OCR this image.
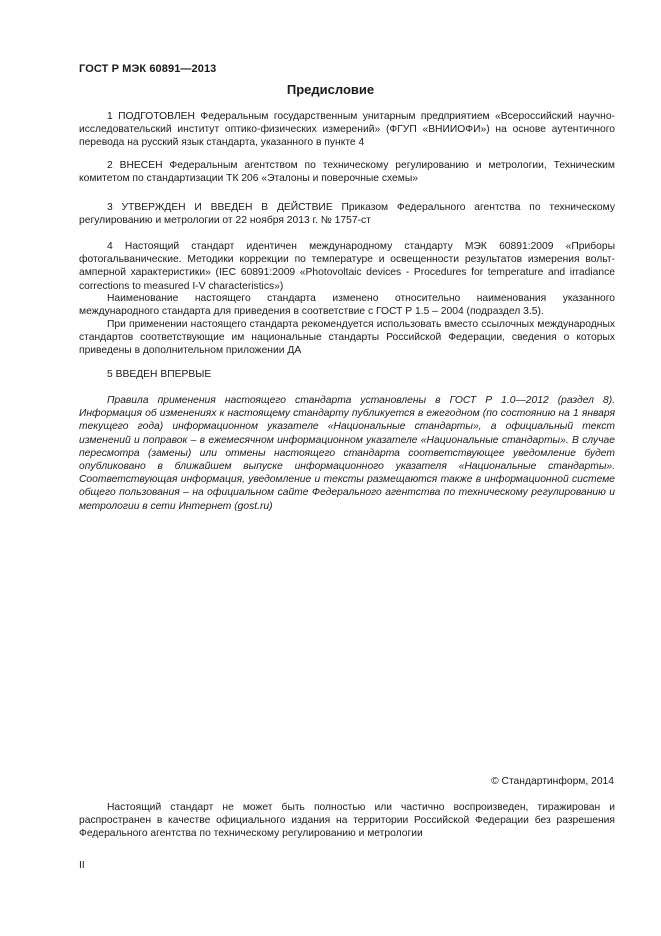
ГОСТ Р МЭК 60891—2013
Предисловие

1 ПОДГОТОВЛЕН Федеральным государственным унитарным предприятием «Всероссийский научно-исследовательский институт оптико-физических измерений» (ФГУП «ВНИИОФИ») на основе аутентичного перевода на русский язык стандарта, указанного в пункте 4

2 ВНЕСЕН Федеральным агентством по техническому регулированию и метрологии, Техническим комитетом по стандартизации ТК 206 «Эталоны и поверочные схемы»

3 УТВЕРЖДЕН И ВВЕДЕН В ДЕЙСТВИЕ Приказом Федерального агентства по техническому регулированию и метрологии от 22 ноября 2013 г. № 1757-ст

4 Настоящий стандарт идентичен международному стандарту МЭК 60891:2009 «Приборы фотогальванические. Методики коррекции по температуре и освещенности результатов измерения вольт-амперной характеристики» (IEC 60891:2009 «Photovoltaic devices - Procedures for temperature and irradiance corrections to measured I-V characteristics»)

Наименование настоящего стандарта изменено относительно наименования указанного международного стандарта для приведения в соответствие с ГОСТ Р 1.5 – 2004 (подраздел 3.5).

При применении настоящего стандарта рекомендуется использовать вместо ссылочных международных стандартов соответствующие им национальные стандарты Российской Федерации, сведения о которых приведены в дополнительном приложении ДА

5 ВВЕДЕН ВПЕРВЫЕ

Правила применения настоящего стандарта установлены в ГОСТ Р 1.0—2012 (раздел 8). Информация об изменениях к настоящему стандарту публикуется в ежегодном (по состоянию на 1 января текущего года) информационном указателе «Национальные стандарты», а официальный текст изменений и поправок – в ежемесячном информационном указателе «Национальные стандарты». В случае пересмотра (замены) или отмены настоящего стандарта соответствующее уведомление будет опубликовано в ближайшем выпуске информационного указателя «Национальные стандарты». Соответствующая информация, уведомление и тексты размещаются также в информационной системе общего пользования – на официальном сайте Федерального агентства по техническому регулированию и метрологии в сети Интернет (gost.ru)

© Стандартинформ, 2014

Настоящий стандарт не может быть полностью или частично воспроизведен, тиражирован и распространен в качестве официального издания на территории Российской Федерации без разрешения Федерального агентства по техническому регулированию и метрологии

II
